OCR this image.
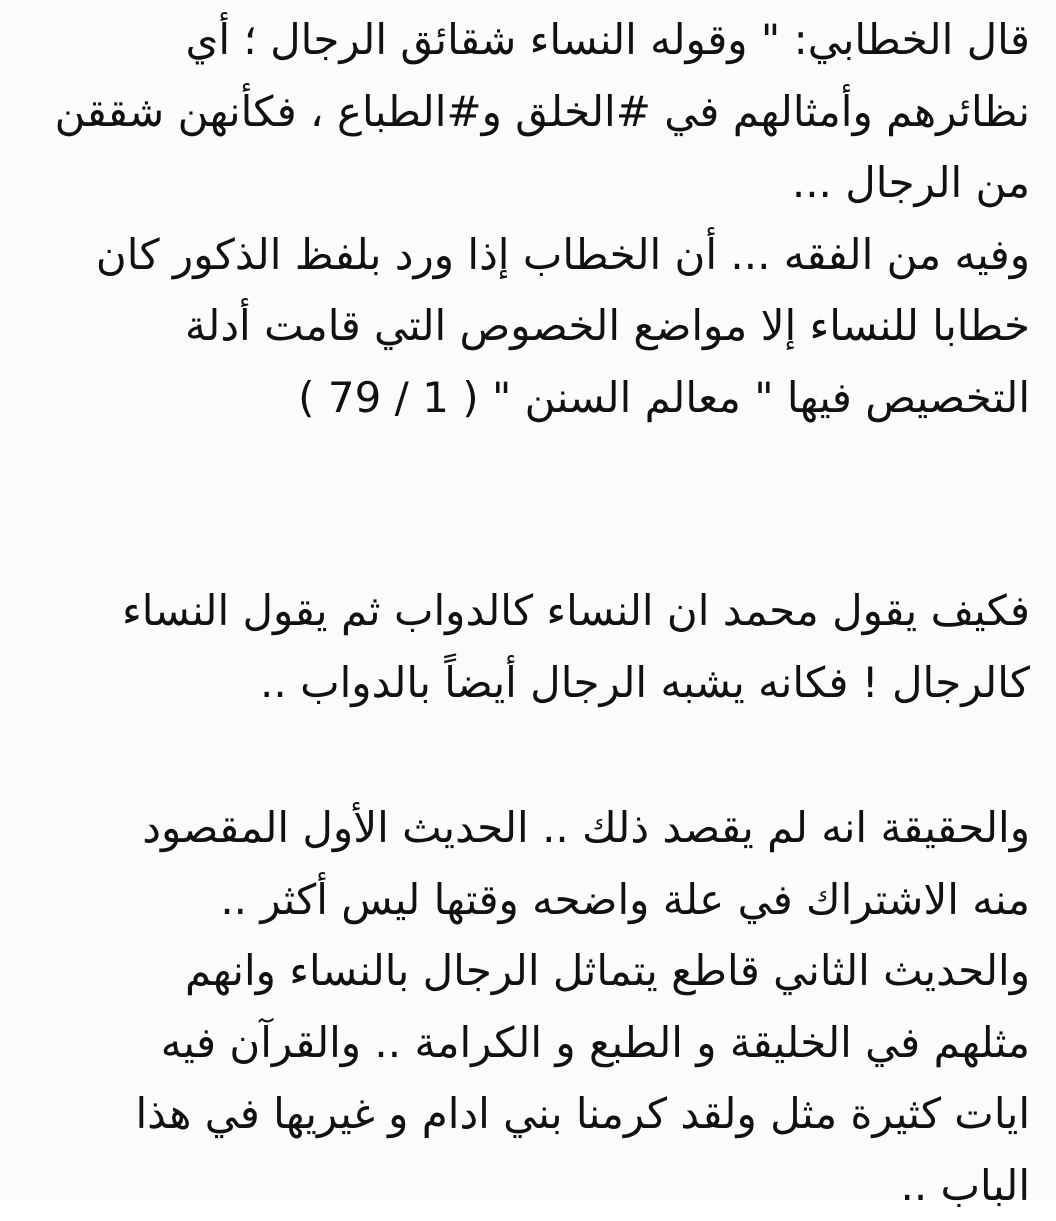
قال الخطابي: " وقوله النساء شقائق الرجال ؛ أي
نظائرهم وأمثالهم في #الخلق و#الطباع ، فكأنهن شققن
من الرجال ...
وفيه من الفقه ... أن الخطاب إذا ورد بلفظ الذكور كان
خطابا للنساء إلا مواضع الخصوص التي قامت أدلة
التخصيص فيها " معالم السنن " ( 1 / 79 )
فكيف يقول محمد ان النساء كالدواب ثم يقول النساء
كالرجال ! فكانه يشبه الرجال أيضاً بالدواب ..
والحقيقة انه لم يقصد ذلك .. الحديث الأول المقصود
منه الاشتراك في علة واضحه وقتها ليس أكثر ..
والحديث الثاني قاطع يتماثل الرجال بالنساء وانهم
مثلهم في الخليقة و الطبع و الكرامة .. والقرآن فيه
ايات كثيرة مثل ولقد كرمنا بني ادام و غيريها في هذا
الباب ..
